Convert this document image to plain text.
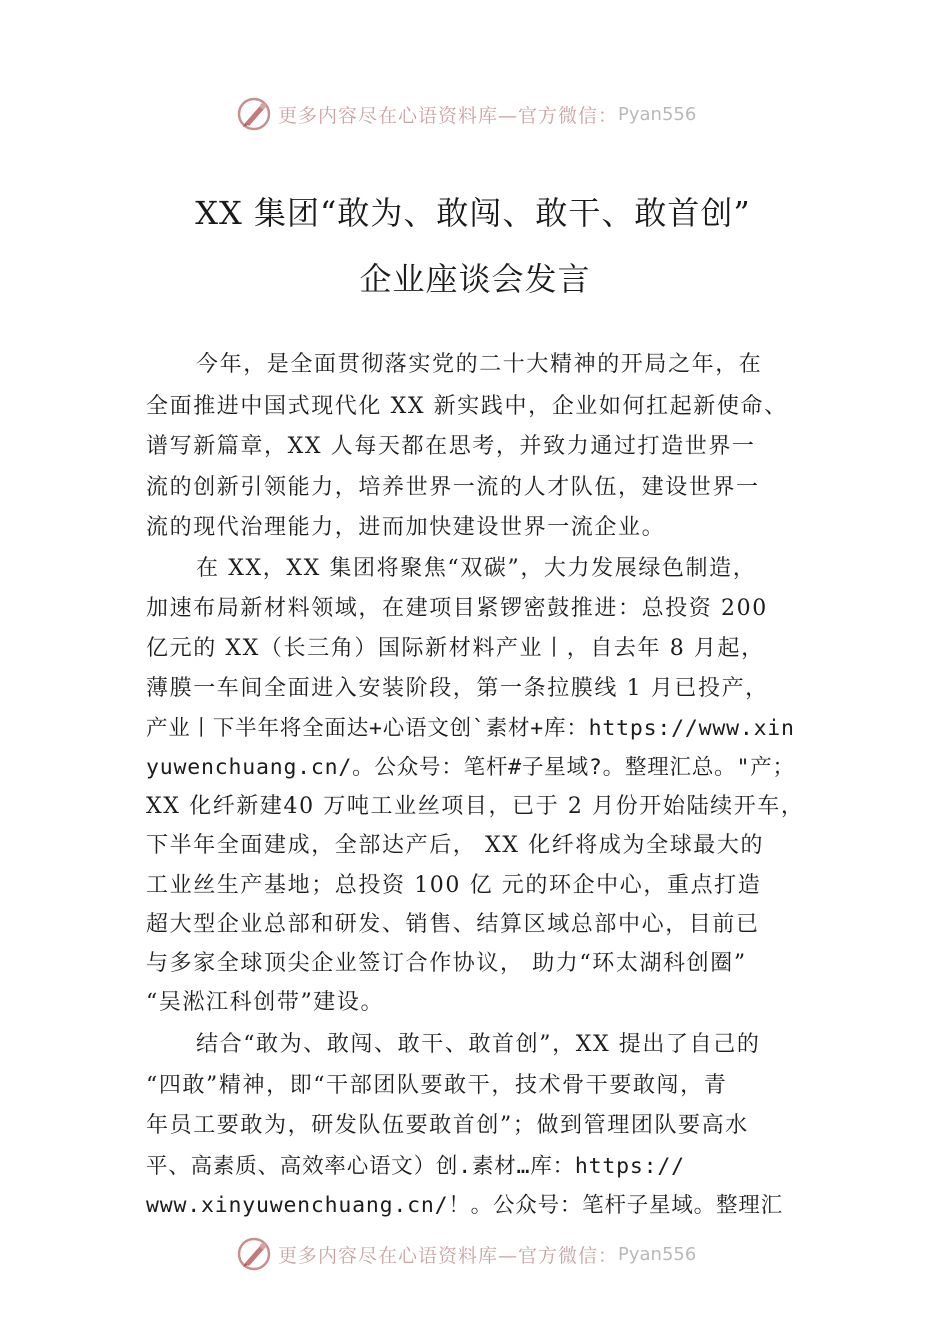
更多内容尽在心语资料库—官方微信： Pyan556
XX 集团“敢为、敢闯、敢干、敢首创”
企业座谈会发言
今年，是全面贯彻落实党的二十大精神的开局之年，在
全面推进中国式现代化 XX 新实践中，企业如何扛起新使命、
谱写新篇章，XX 人每天都在思考，并致力通过打造世界一
流的创新引领能力，培养世界一流的人才队伍，建设世界一
流的现代治理能力，进而加快建设世界一流企业。
在 XX，XX 集团将聚焦“双碳”，大力发展绿色制造，
加速布局新材料领域，在建项目紧锣密鼓推进：总投资 200
亿元的 XX（长三角）国际新材料产业⼁，自去年 8 月起，
薄膜一车间全面进入安装阶段，第一条拉膜线 1 月已投产，
产业⼁下半年将全面达+心语文创`素材+库：https://www.xin
yuwenchuang.cn/。公众号：笔杆#子星域?。整理汇总。"产；
XX 化纤新建40 万吨工业丝项目，已于 2 月份开始陆续开车，
下半年全面建成，全部达产后， XX 化纤将成为全球最大的
工业丝生产基地；总投资 100 亿 元的环企中心，重点打造
超大型企业总部和研发、销售、结算区域总部中心，目前已
与多家全球顶尖企业签订合作协议， 助力“环太湖科创圈”
“吴淞江科创带”建设。
结合“敢为、敢闯、敢干、敢首创”，XX 提出了自己的
“四敢”精神，即“干部团队要敢干，技术骨干要敢闯，青
年员工要敢为，研发队伍要敢首创”；做到管理团队要高水
平、高素质、高效率心语文）创.素材…库：https://
www.xinyuwenchuang.cn/！。公众号：笔杆子星域。整理汇
更多内容尽在心语资料库—官方微信： Pyan556
